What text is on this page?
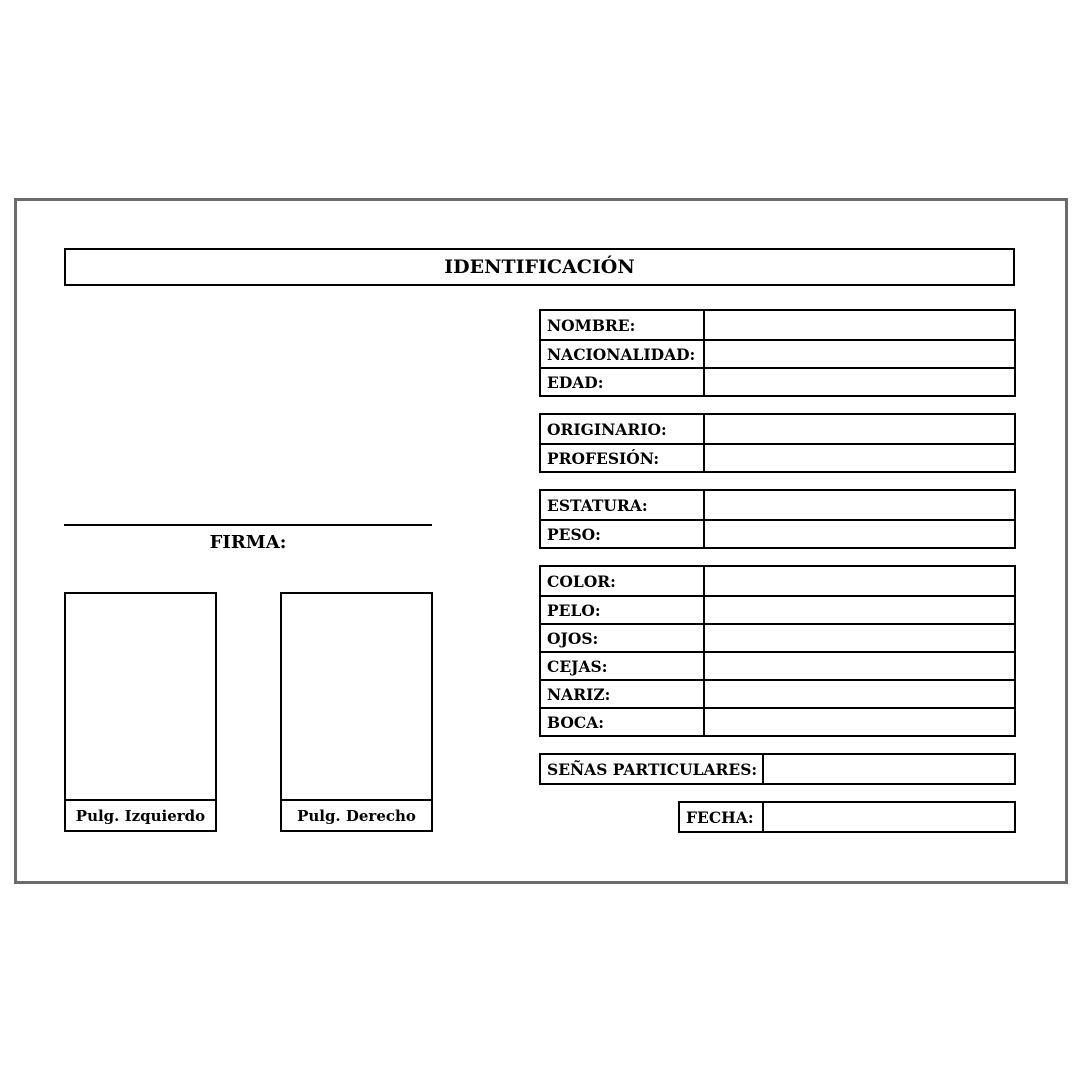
IDENTIFICACIÓN
FIRMA:
Pulg. Izquierdo	Pulg. Derecho
NOMBRE:
NACIONALIDAD:
EDAD:
ORIGINARIO:
PROFESIÓN:
ESTATURA:
PESO:
COLOR:
PELO:
OJOS:
CEJAS:
NARIZ:
BOCA:
SEÑAS PARTICULARES:
FECHA:
